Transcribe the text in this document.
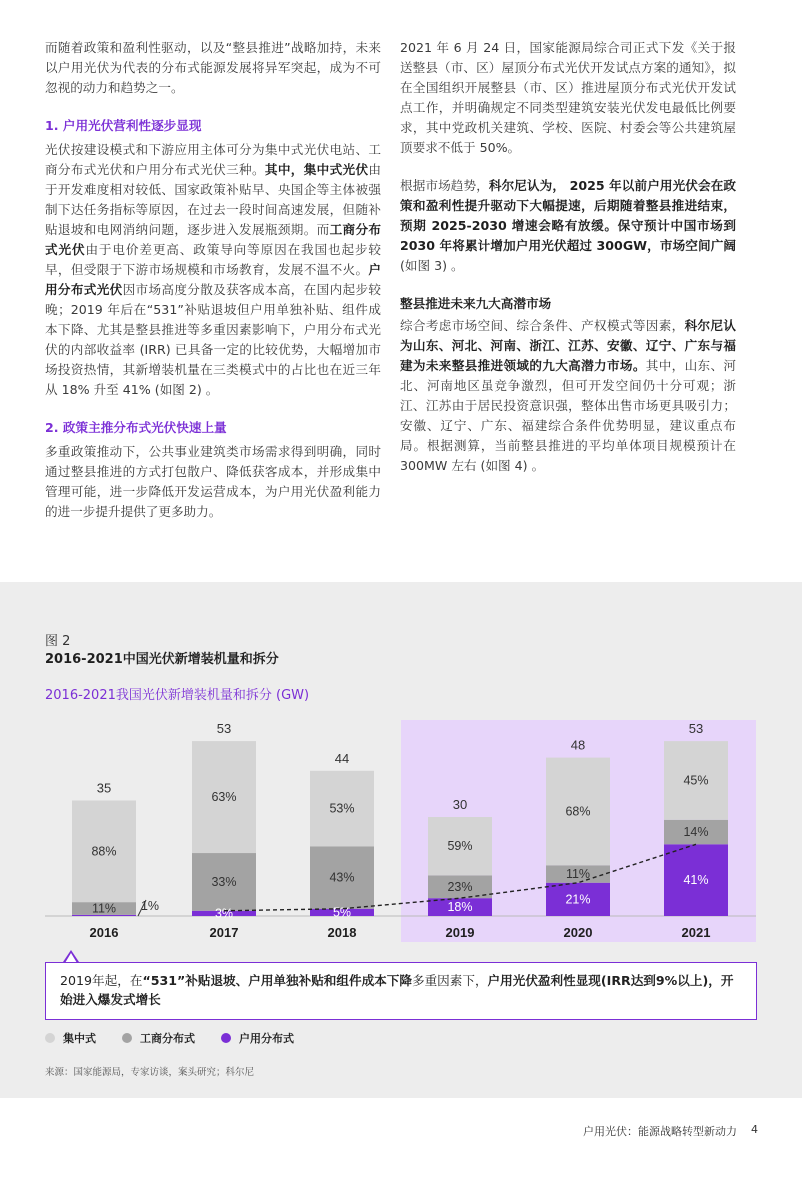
而随着政策和盈利性驱动，以及“整县推进”战略加持，未来以户用光伏为代表的分布式能源发展将异军突起，成为不可忽视的动力和趋势之一。

1. 户用光伏营利性逐步显现

光伏按建设模式和下游应用主体可分为集中式光伏电站、工商分布式光伏和户用分布式光伏三种。其中，集中式光伏由于开发难度相对较低、国家政策补贴早、央国企等主体被强制下达任务指标等原因，在过去一段时间高速发展，但随补贴退坡和电网消纳问题，逐步进入发展瓶颈期。而工商分布式光伏由于电价差更高、政策导向等原因在我国也起步较早，但受限于下游市场规模和市场教育，发展不温不火。户用分布式光伏因市场高度分散及获客成本高，在国内起步较晚；2019 年后在“531”补贴退坡但户用单独补贴、组件成本下降、尤其是整县推进等多重因素影响下，户用分布式光伏的内部收益率 (IRR) 已具备一定的比较优势，大幅增加市场投资热情，其新增装机量在三类模式中的占比也在近三年从 18% 升至 41% (如图 2) 。

2. 政策主推分布式光伏快速上量

多重政策推动下，公共事业建筑类市场需求得到明确，同时通过整县推进的方式打包散户、降低获客成本，并形成集中管理可能，进一步降低开发运营成本，为户用光伏盈利能力的进一步提升提供了更多助力。

2021 年 6 月 24 日，国家能源局综合司正式下发《关于报送整县（市、区）屋顶分布式光伏开发试点方案的通知》，拟在全国组织开展整县（市、区）推进屋顶分布式光伏开发试点工作，并明确规定不同类型建筑安装光伏发电最低比例要求，其中党政机关建筑、学校、医院、村委会等公共建筑屋顶要求不低于 50%。

根据市场趋势，科尔尼认为， 2025 年以前户用光伏会在政策和盈利性提升驱动下大幅提速，后期随着整县推进结束，预期 2025-2030 增速会略有放缓。保守预计中国市场到 2030 年将累计增加户用光伏超过 300GW，市场空间广阔 (如图 3) 。

整县推进未来九大高潜市场

综合考虑市场空间、综合条件、产权模式等因素，科尔尼认为山东、河北、河南、浙江、江苏、安徽、辽宁、广东与福建为未来整县推进领域的九大高潜力市场。其中，山东、河北、河南地区虽竞争激烈，但可开发空间仍十分可观；浙江、江苏由于居民投资意识强，整体出售市场更具吸引力；安徽、辽宁、广东、福建综合条件优势明显，建议重点布局。根据测算，当前整县推进的平均单体项目规模预计在 300MW 左右 (如图 4) 。

图 2
2016-2021中国光伏新增装机量和拆分
2016-2021我国光伏新增装机量和拆分 (GW)
35
88%
11% 1%
2016
53
63%
33%
3%
2017
44
53%
43%
5%
2018
30
59%
23%
18%
2019
48
68%
11%
21%
2020
53
45%
14%
41%
2021
2019年起，在“531”补贴退坡、户用单独补贴和组件成本下降多重因素下，户用光伏盈利性显现(IRR达到9%以上)，开始进入爆发式增长
集中式	工商分布式	户用分布式
来源：国家能源局，专家访谈，案头研究；科尔尼
户用光伏：能源战略转型新动力 4
